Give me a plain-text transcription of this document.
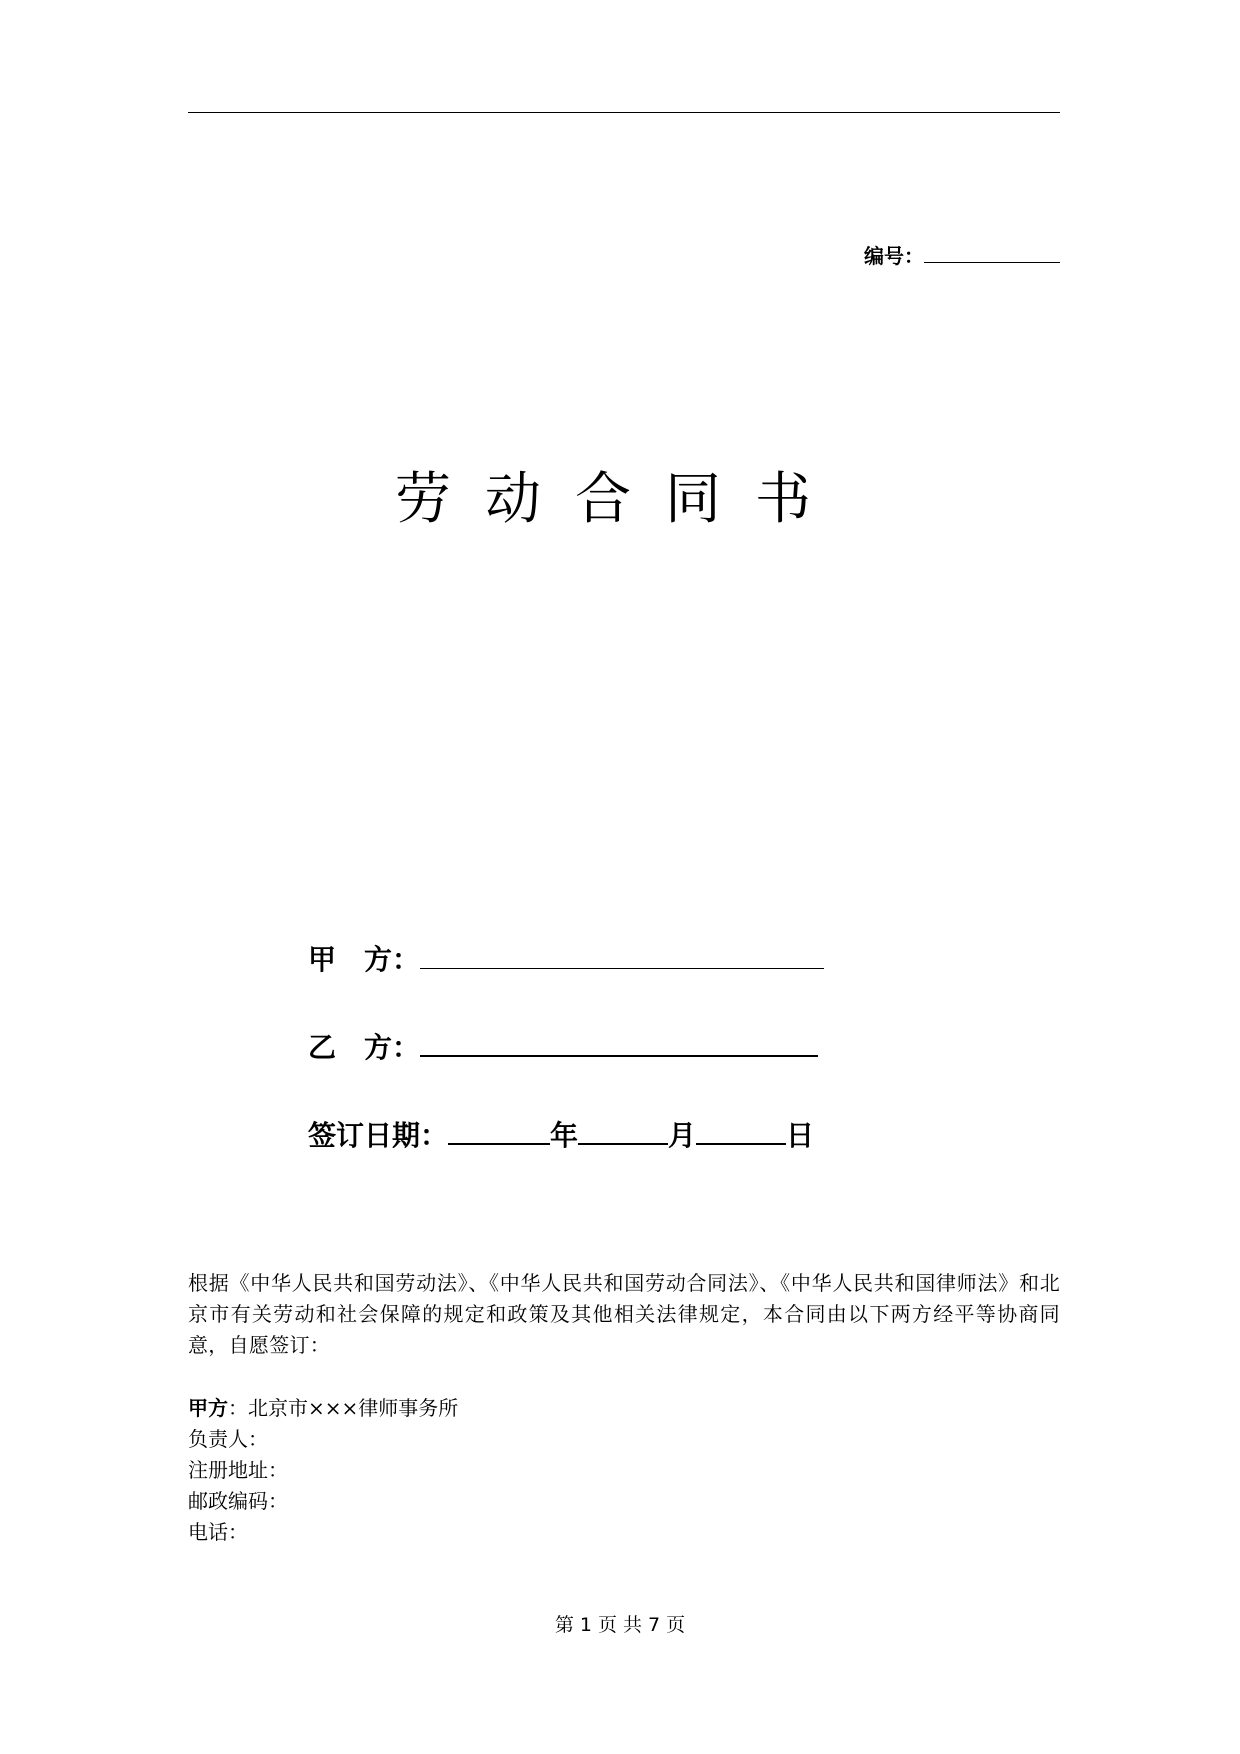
编号：
劳动合同书
甲　方：
乙　方：
签订日期：	年	月	日
根据《中华人民共和国劳动法》、《中华人民共和国劳动合同法》、《中华人民共和国律师法》和北京市有关劳动和社会保障的规定和政策及其他相关法律规定，本合同由以下两方经平等协商同意，自愿签订：
甲方：北京市×××律师事务所
负责人：
注册地址：
邮政编码：
电话：
第 1 页 共 7 页
